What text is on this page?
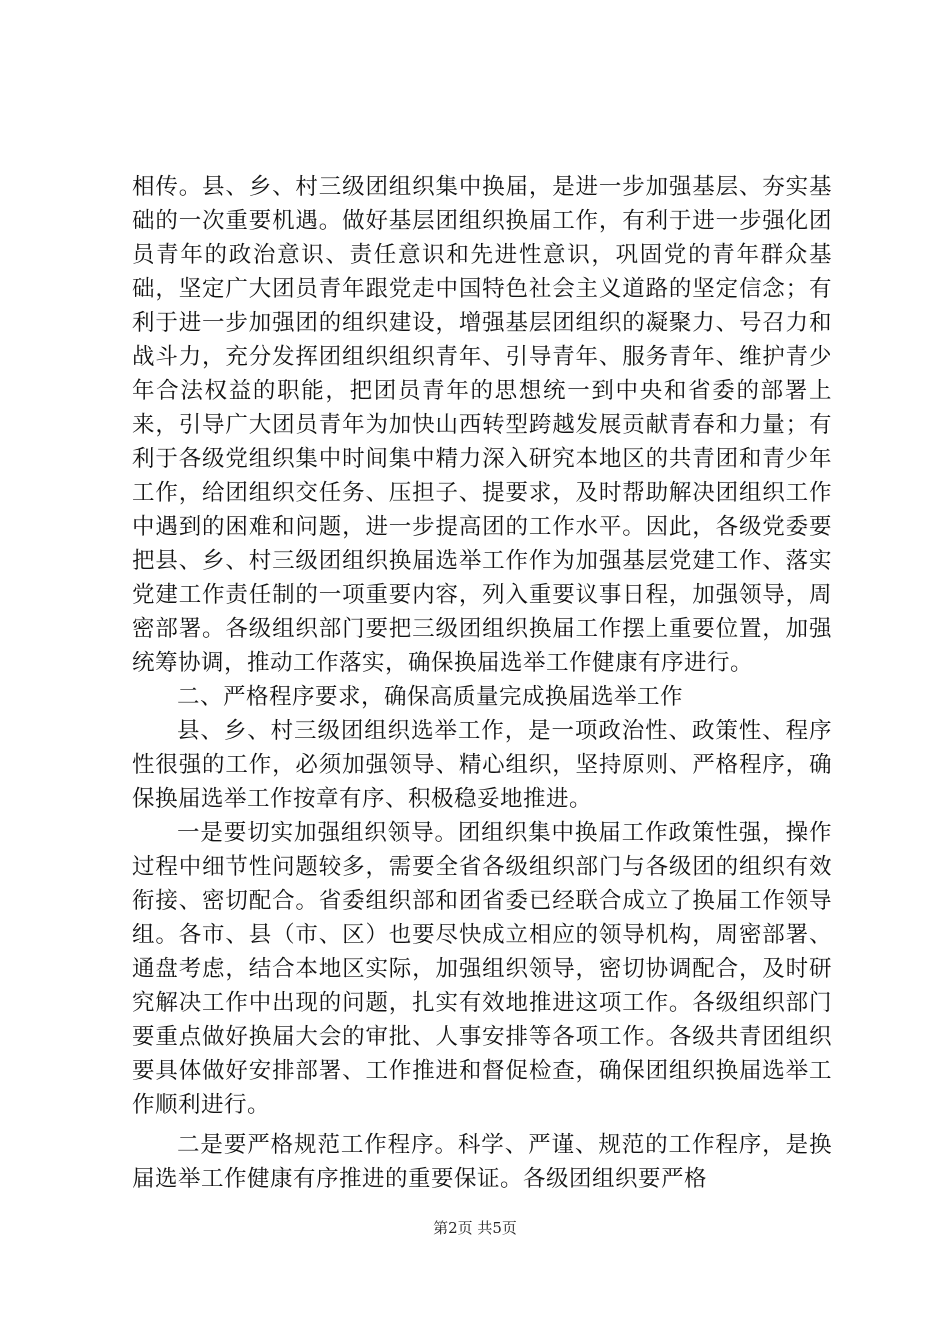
相传。县、乡、村三级团组织集中换届，是进一步加强基层、夯实基础的一次重要机遇。做好基层团组织换届工作，有利于进一步强化团员青年的政治意识、责任意识和先进性意识，巩固党的青年群众基础，坚定广大团员青年跟党走中国特色社会主义道路的坚定信念；有利于进一步加强团的组织建设，增强基层团组织的凝聚力、号召力和战斗力，充分发挥团组织组织青年、引导青年、服务青年、维护青少年合法权益的职能，把团员青年的思想统一到中央和省委的部署上来，引导广大团员青年为加快山西转型跨越发展贡献青春和力量；有利于各级党组织集中时间集中精力深入研究本地区的共青团和青少年工作，给团组织交任务、压担子、提要求，及时帮助解决团组织工作中遇到的困难和问题，进一步提高团的工作水平。因此，各级党委要把县、乡、村三级团组织换届选举工作作为加强基层党建工作、落实党建工作责任制的一项重要内容，列入重要议事日程，加强领导，周密部署。各级组织部门要把三级团组织换届工作摆上重要位置，加强统筹协调，推动工作落实，确保换届选举工作健康有序进行。

二、严格程序要求，确保高质量完成换届选举工作

县、乡、村三级团组织选举工作，是一项政治性、政策性、程序性很强的工作，必须加强领导、精心组织，坚持原则、严格程序，确保换届选举工作按章有序、积极稳妥地推进。

一是要切实加强组织领导。团组织集中换届工作政策性强，操作过程中细节性问题较多，需要全省各级组织部门与各级团的组织有效衔接、密切配合。省委组织部和团省委已经联合成立了换届工作领导组。各市、县（市、区）也要尽快成立相应的领导机构，周密部署、通盘考虑，结合本地区实际，加强组织领导，密切协调配合，及时研究解决工作中出现的问题，扎实有效地推进这项工作。各级组织部门要重点做好换届大会的审批、人事安排等各项工作。各级共青团组织要具体做好安排部署、工作推进和督促检查，确保团组织换届选举工作顺利进行。

二是要严格规范工作程序。科学、严谨、规范的工作程序，是换届选举工作健康有序推进的重要保证。各级团组织要严格

第2页 共5页
